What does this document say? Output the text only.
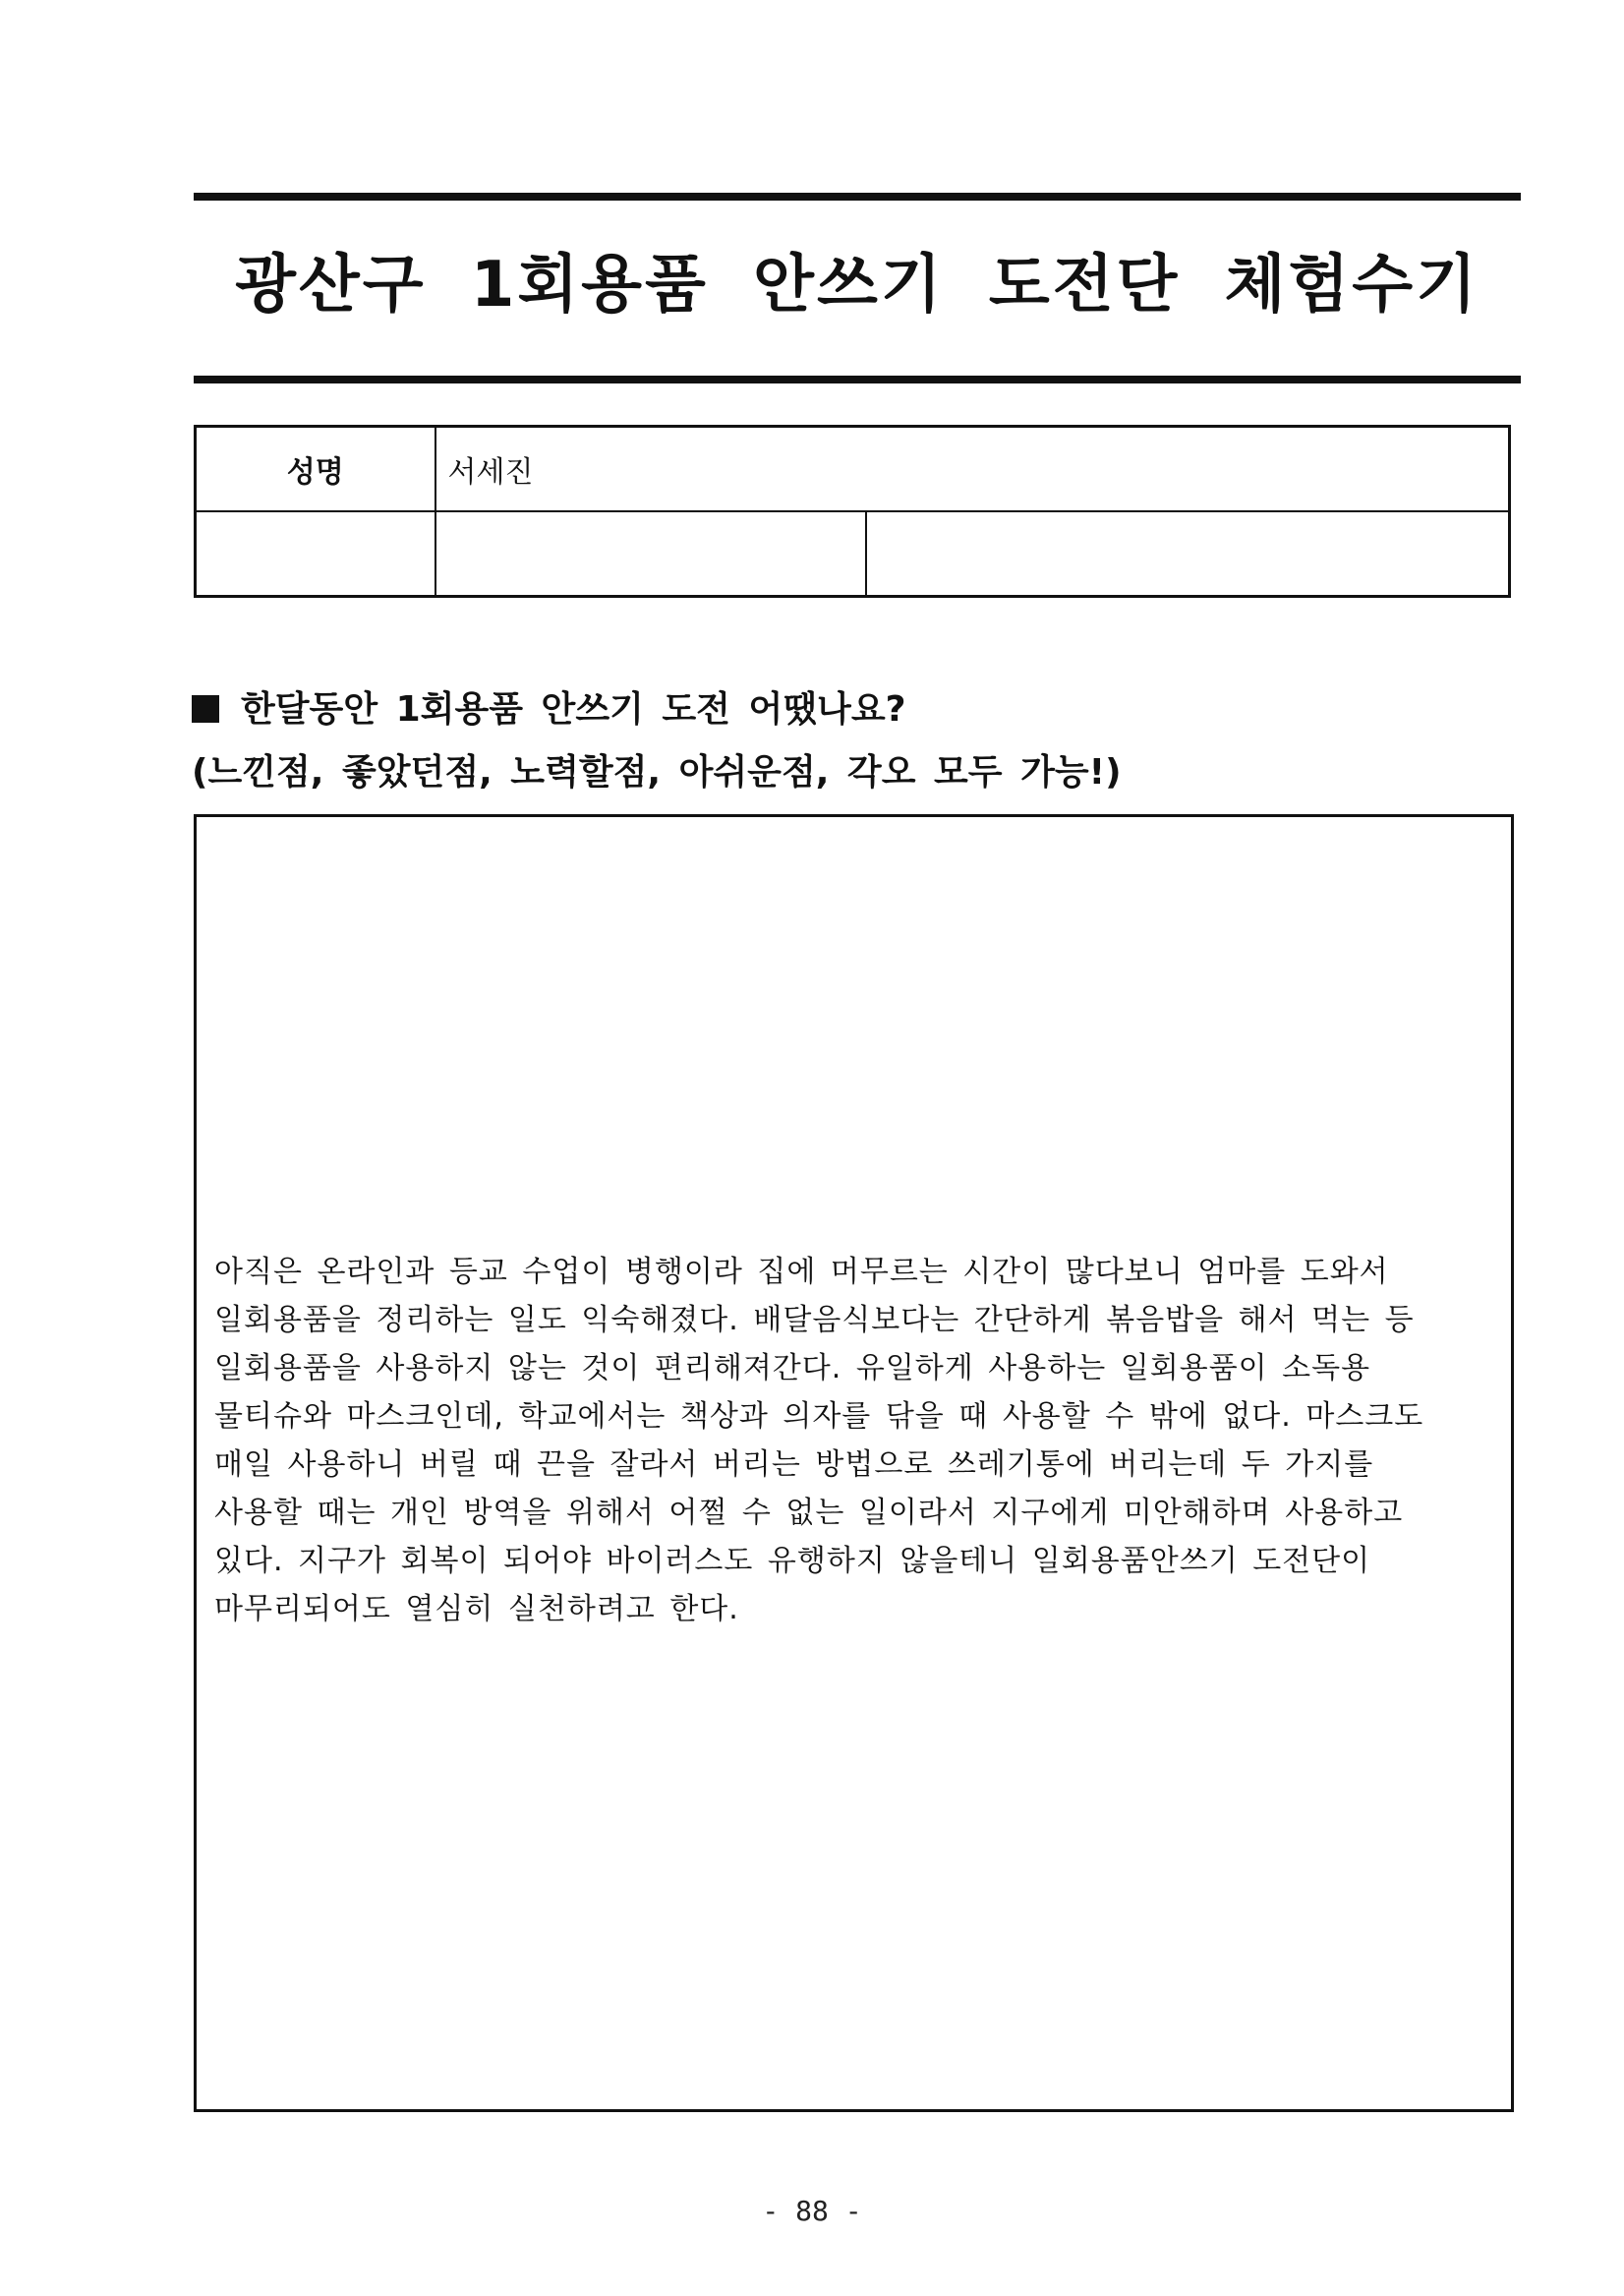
광산구 1회용품 안쓰기 도전단 체험수기
성명	서세진	

한달동안 1회용품 안쓰기 도전 어땠나요?
(느낀점, 좋았던점, 노력할점, 아쉬운점, 각오 모두 가능!)
아직은 온라인과 등교 수업이 병행이라 집에 머무르는 시간이 많다보니 엄마를 도와서
일회용품을 정리하는 일도 익숙해졌다. 배달음식보다는 간단하게 볶음밥을 해서 먹는 등
일회용품을 사용하지 않는 것이 편리해져간다. 유일하게 사용하는 일회용품이 소독용
물티슈와 마스크인데, 학교에서는 책상과 의자를 닦을 때 사용할 수 밖에 없다. 마스크도
매일 사용하니 버릴 때 끈을 잘라서 버리는 방법으로 쓰레기통에 버리는데 두 가지를
사용할 때는 개인 방역을 위해서 어쩔 수 없는 일이라서 지구에게 미안해하며 사용하고
있다. 지구가 회복이 되어야 바이러스도 유행하지 않을테니 일회용품안쓰기 도전단이
마무리되어도 열심히 실천하려고 한다.
- 88 -
